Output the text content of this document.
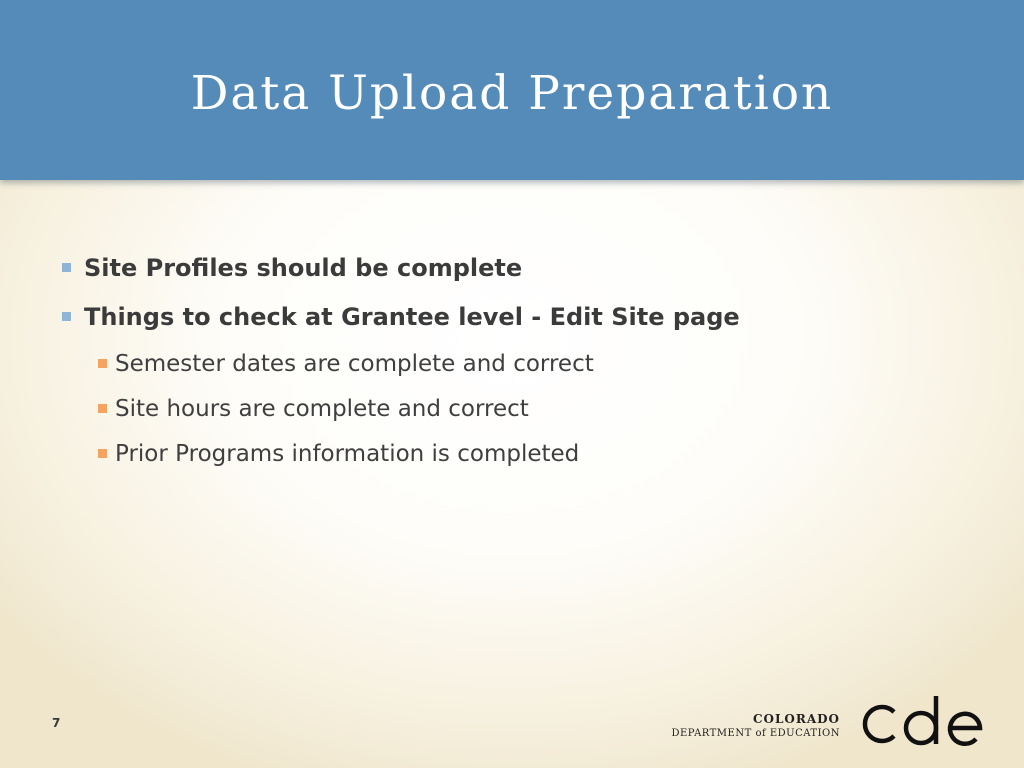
Data Upload Preparation
Site Profiles should be complete
Things to check at Grantee level - Edit Site page
Semester dates are complete and correct
Site hours are complete and correct
Prior Programs information is completed
7	COLORADO
DEPARTMENT of EDUCATION
